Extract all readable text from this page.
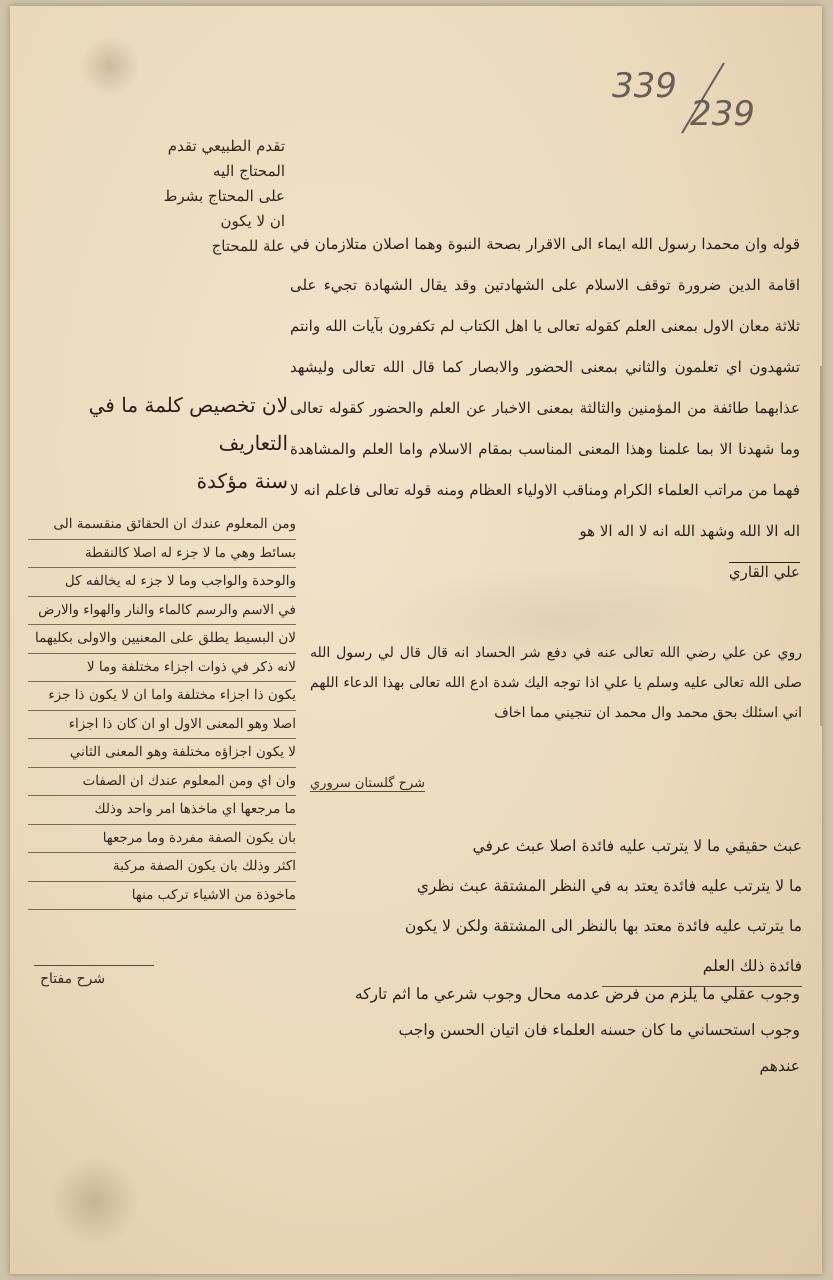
339
239
تقدم الطبيعي تقدم المحتاج اليه
على المحتاج بشرط ان لا يكون
علة للمحتاج
لان تخصيص كلمة ما في التعاريف
سنة مؤكدة

قوله وان محمدا رسول الله ايماء الى الاقرار بصحة النبوة وهما اصلان متلازمان في اقامة الدين ضرورة توقف الاسلام على الشهادتين وقد يقال الشهادة تجيء على ثلاثة معان الاول بمعنى العلم كقوله تعالى يا اهل الكتاب لم تكفرون بآيات الله وانتم تشهدون اي تعلمون والثاني بمعنى الحضور والابصار كما قال الله تعالى وليشهد عذابهما طائفة من المؤمنين والثالثة بمعنى الاخبار عن العلم والحضور كقوله تعالى وما شهدنا الا بما علمنا وهذا المعنى المناسب بمقام الاسلام واما العلم والمشاهدة فهما من مراتب العلماء الكرام ومناقب الاولياء العظام ومنه قوله تعالى فاعلم انه لا اله الا الله وشهد الله انه لا اله الا هو

علي القاري
ومن المعلوم عندك ان الحقائق منقسمة الى
بسائط وهي ما لا جزء له اصلا كالنقطة
والوحدة والواجب وما لا جزء له يخالفه كل
في الاسم والرسم كالماء والنار والهواء والارض
لان البسيط يطلق على المعنيين والاولى بكليهما
لانه ذكر في ذوات اجزاء مختلفة وما لا
يكون ذا اجزاء مختلفة واما ان لا يكون ذا جزء
اصلا وهو المعنى الاول او ان كان ذا اجزاء
لا يكون اجزاؤه مختلفة وهو المعنى الثاني
وان اي ومن المعلوم عندك ان الصفات
ما مرجعها اي ماخذها امر واحد وذلك
بان يكون الصفة مفردة وما مرجعها
اكثر وذلك بان يكون الصفة مركبة
ماخوذة من الاشياء تركب منها
شرح مفتاح
روي عن علي رضي الله تعالى عنه في دفع شر الحساد انه قال قال لي رسول الله صلى الله تعالى عليه وسلم يا علي اذا توجه اليك شدة ادع الله تعالى بهذا الدعاء اللهم اني اسئلك بحق محمد وال محمد ان تنجيني مما اخاف
شرح گلستان سروري
عبث حقيقي ما لا يترتب عليه فائدة اصلا عبث عرفي
ما لا يترتب عليه فائدة يعتد به في النظر المشتقة عبث نظري
ما يترتب عليه فائدة معتد بها بالنظر الى المشتقة ولكن لا يكون
فائدة ذلك العلم
وجوب عقلي ما يلزم من فرض عدمه محال وجوب شرعي ما اثم تاركه
وجوب استحساني ما كان حسنه العلماء فان اتيان الحسن واجب
عندهم
